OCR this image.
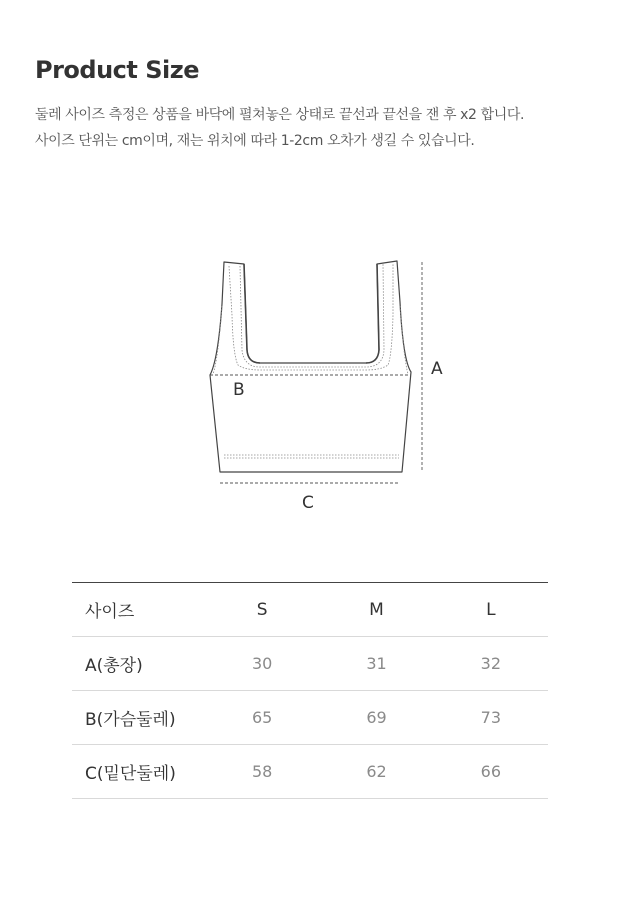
Product Size

둘레 사이즈 측정은 상품을 바닥에 펼쳐놓은 상태로 끝선과 끝선을 잰 후 x2 합니다.

사이즈 단위는 cm이며, 재는 위치에 따라 1-2cm 오차가 생길 수 있습니다.

A
B
C
사이즈	S	M	L
A(총장)	30	31	32
B(가슴둘레)	65	69	73
C(밑단둘레)	58	62	66
